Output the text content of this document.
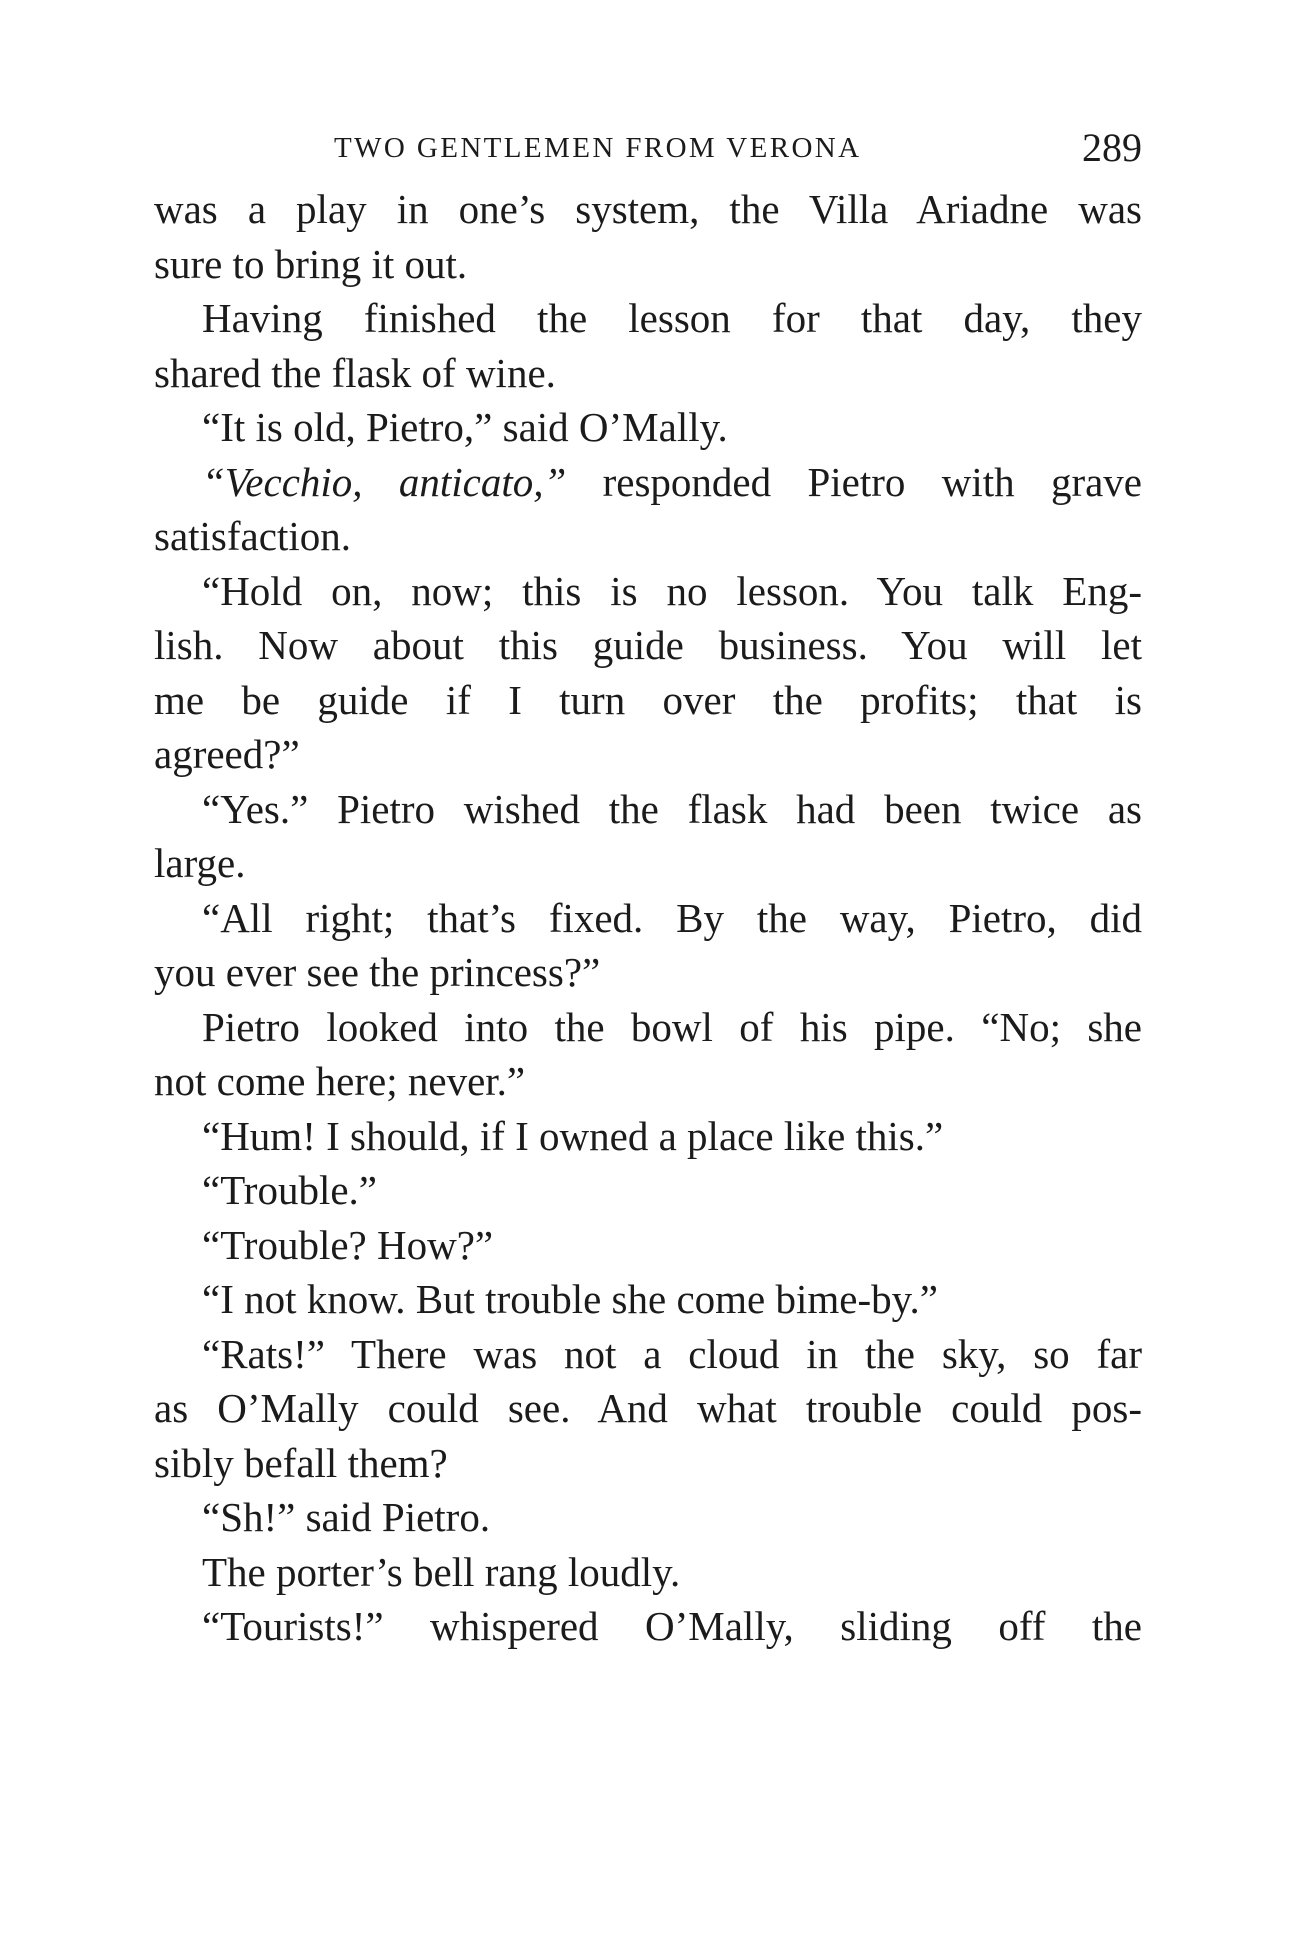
TWO GENTLEMEN FROM VERONA	289
was a play in one’s system, the Villa Ariadne was
sure to bring it out.
Having finished the lesson for that day, they
shared the flask of wine.
“It is old, Pietro,” said O’Mally.
“Vecchio, anticato,” responded Pietro with grave
satisfaction.
“Hold on, now; this is no lesson. You talk Eng-
lish. Now about this guide business. You will let
me be guide if I turn over the profits; that is
agreed?”
“Yes.” Pietro wished the flask had been twice as
large.
“All right; that’s fixed. By the way, Pietro, did
you ever see the princess?”
Pietro looked into the bowl of his pipe. “No; she
not come here; never.”
“Hum! I should, if I owned a place like this.”
“Trouble.”
“Trouble? How?”
“I not know. But trouble she come bime-by.”
“Rats!” There was not a cloud in the sky, so far
as O’Mally could see. And what trouble could pos-
sibly befall them?
“Sh!” said Pietro.
The porter’s bell rang loudly.
“Tourists!” whispered O’Mally, sliding off the
